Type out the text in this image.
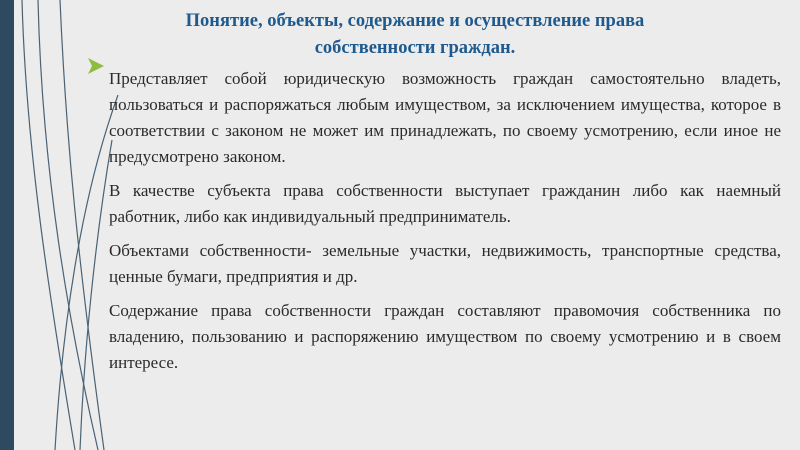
Понятие, объекты, содержание и осуществление права собственности граждан.

Представляет собой юридическую возможность граждан самостоятельно владеть, пользоваться и распоряжаться любым имуществом, за исключением имущества, которое в соответствии с законом не может им принадлежать, по своему усмотрению, если иное не предусмотрено законом.

В качестве субъекта права собственности выступает гражданин либо как наемный работник, либо как индивидуальный предприниматель.

Объектами собственности- земельные участки, недвижимость, транспортные средства, ценные бумаги, предприятия и др.

Содержание права собственности граждан составляют правомочия собственника по владению, пользованию и распоряжению имуществом по своему усмотрению и в своем интересе.
